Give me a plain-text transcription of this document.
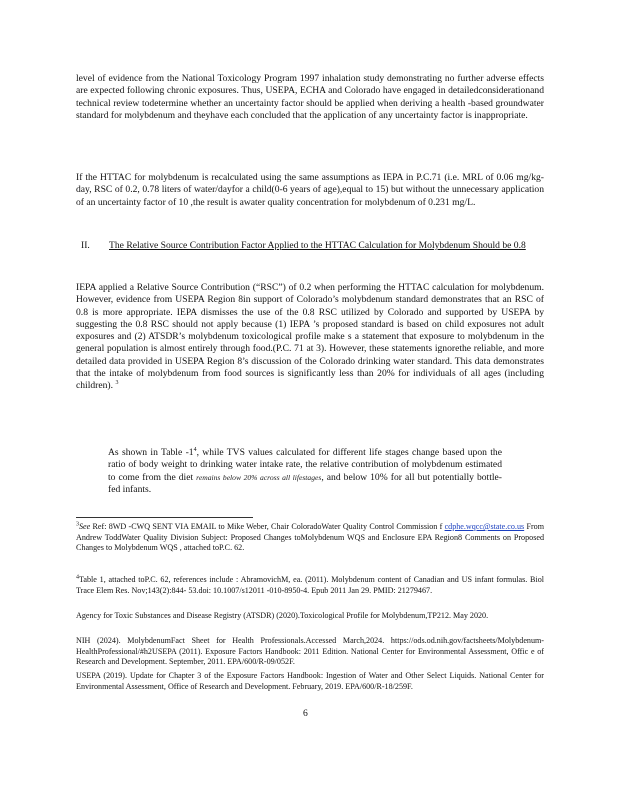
level of evidence from the National Toxicology Program 1997 inhalation study demonstrating no further adverse effects are expected following chronic exposures. Thus, USEPA, ECHA and Colorado have engaged in detailedconsiderationand technical review todetermine whether an uncertainty factor should be applied when deriving a health -based groundwater standard for molybdenum and theyhave each concluded that the application of any uncertainty factor is inappropriate.

If the HTTAC for molybdenum is recalculated using the same assumptions as IEPA in P.C.71 (i.e. MRL of 0.06 mg/kg-day, RSC of 0.2, 0.78 liters of water/dayfor a child(0-6 years of age),equal to 15) but without the unnecessary application of an uncertainty factor of 10 ,the result is awater quality concentration for molybdenum of 0.231 mg/L.

II. The Relative Source Contribution Factor Applied to the HTTAC Calculation for Molybdenum Should be 0.8

IEPA applied a Relative Source Contribution (“RSC”) of 0.2 when performing the HTTAC calculation for molybdenum. However, evidence from USEPA Region 8in support of Colorado’s molybdenum standard demonstrates that an RSC of 0.8 is more appropriate. IEPA dismisses the use of the 0.8 RSC utilized by Colorado and supported by USEPA by suggesting the 0.8 RSC should not apply because (1) IEPA ’s proposed standard is based on child exposures not adult exposures and (2) ATSDR’s molybdenum toxicological profile make s a statement that exposure to molybdenum in the general population is almost entirely through food.(P.C. 71 at 3). However, these statements ignorethe reliable, and more detailed data provided in USEPA Region 8’s discussion of the Colorado drinking water standard. This data demonstrates that the intake of molybdenum from food sources is significantly less than 20% for individuals of all ages (including children). $^3$

As shown in Table $-1^4$, while TVS values calculated for different life stages change based upon the ratio of body weight to drinking water intake rate, the relative contribution of molybdenum estimated to come from the diet remains below 20% across all lifestages, and below 10% for all but potentially bottle-fed infants.

$^3$See Ref: 8WD -CWQ SENT VIA EMAIL to Mike Weber, Chair ColoradoWater Quality Control Commission f cdphe.wqcc@state.co.us From Andrew ToddWater Quality Division Subject: Proposed Changes toMolybdenum WQS and Enclosure EPA Region8 Comments on Proposed Changes to Molybdenum WQS , attached toP.C. 62.

$^4$Table 1, attached toP.C. 62, references include : AbramovichM, ea. (2011). Molybdenum content of Canadian and US infant formulas. Biol Trace Elem Res. Nov;143(2):844- 53.doi: 10.1007/s12011 -010-8950-4. Epub 2011 Jan 29. PMID: 21279467.

Agency for Toxic Substances and Disease Registry (ATSDR) (2020).Toxicological Profile for Molybdenum,TP212. May 2020.

NIH (2024). MolybdenumFact Sheet for Health Professionals.Accessed March,2024. https://ods.od.nih.gov/factsheets/Molybdenum-HealthProfessional/#h2USEPA (2011). Exposure Factors Handbook: 2011 Edition. National Center for Environmental Assessment, Offic e of Research and Development. September, 2011. EPA/600/R-09/052F.

USEPA (2019). Update for Chapter 3 of the Exposure Factors Handbook: Ingestion of Water and Other Select Liquids. National Center for Environmental Assessment, Office of Research and Development. February, 2019. EPA/600/R-18/259F.

6
